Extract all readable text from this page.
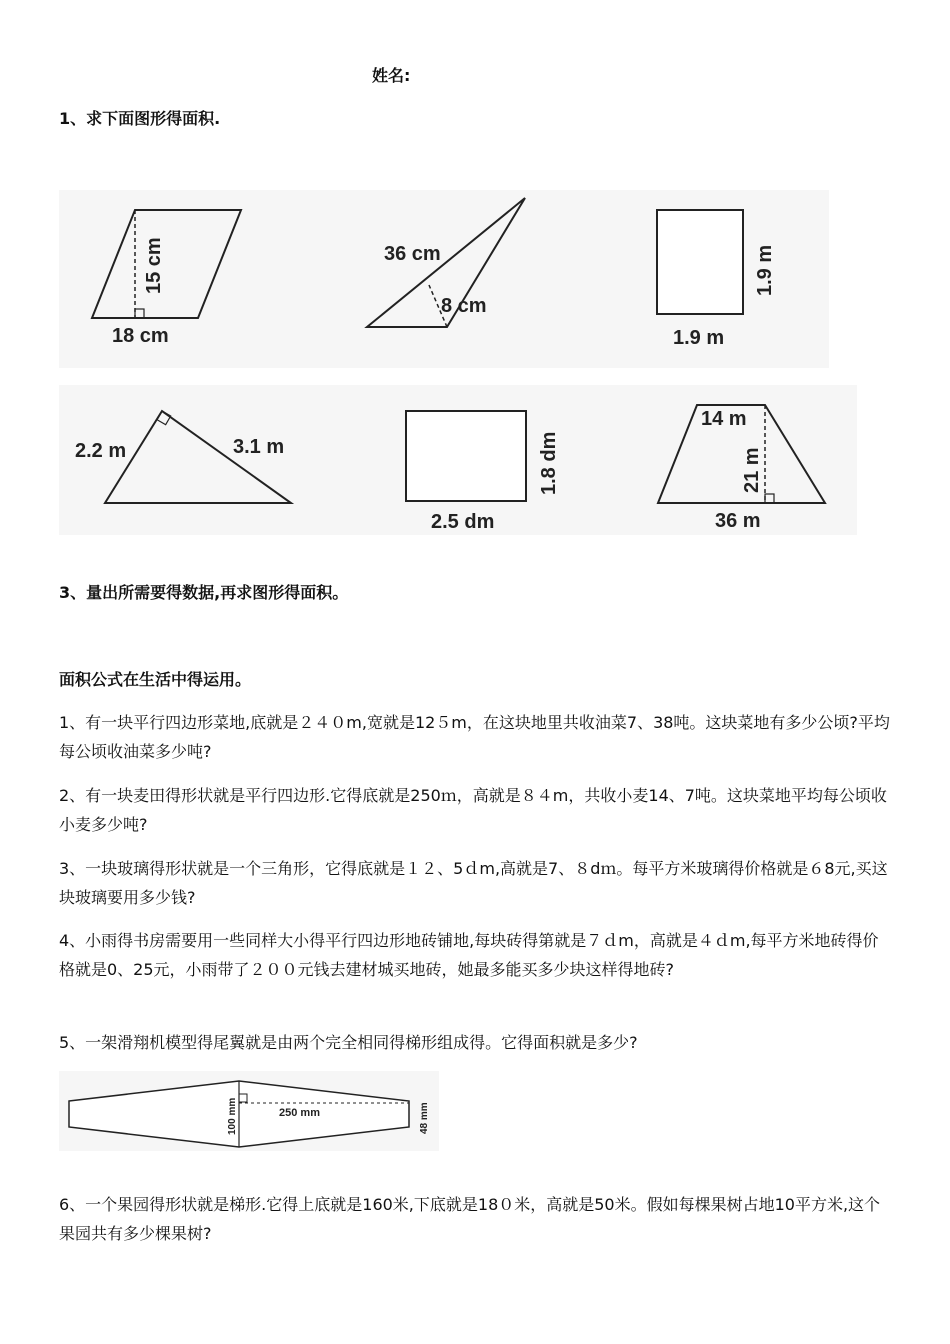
姓名:
1、求下面图形得面积.
15 cm
18 cm
36 cm
8 cm
1.9 m
1.9 m
2.2 m	3.1 m	1.8 dm
2.5 dm
14 m
21 m
36 m
3、量出所需要得数据,再求图形得面积。
面积公式在生活中得运用。
1、有一块平行四边形菜地,底就是２４０m,宽就是12５m，在这块地里共收油菜7、38吨。这块菜地有多少公顷?平均每公顷收油菜多少吨?
2、有一块麦田得形状就是平行四边形.它得底就是250ｍ，高就是８４m，共收小麦14、7吨。这块菜地平均每公顷收小麦多少吨?
3、一块玻璃得形状就是一个三角形，它得底就是１２、5ｄm,高就是7、８dｍ。每平方米玻璃得价格就是６8元,买这块玻璃要用多少钱?
4、小雨得书房需要用一些同样大小得平行四边形地砖铺地,每块砖得第就是７ｄm，高就是４ｄm,每平方米地砖得价格就是0、25元，小雨带了２００元钱去建材城买地砖，她最多能买多少块这样得地砖?
5、一架滑翔机模型得尾翼就是由两个完全相同得梯形组成得。它得面积就是多少?
100 mm	250 mm	48 mm
6、一个果园得形状就是梯形.它得上底就是160米,下底就是18０米，高就是50米。假如每棵果树占地10平方米,这个果园共有多少棵果树?
